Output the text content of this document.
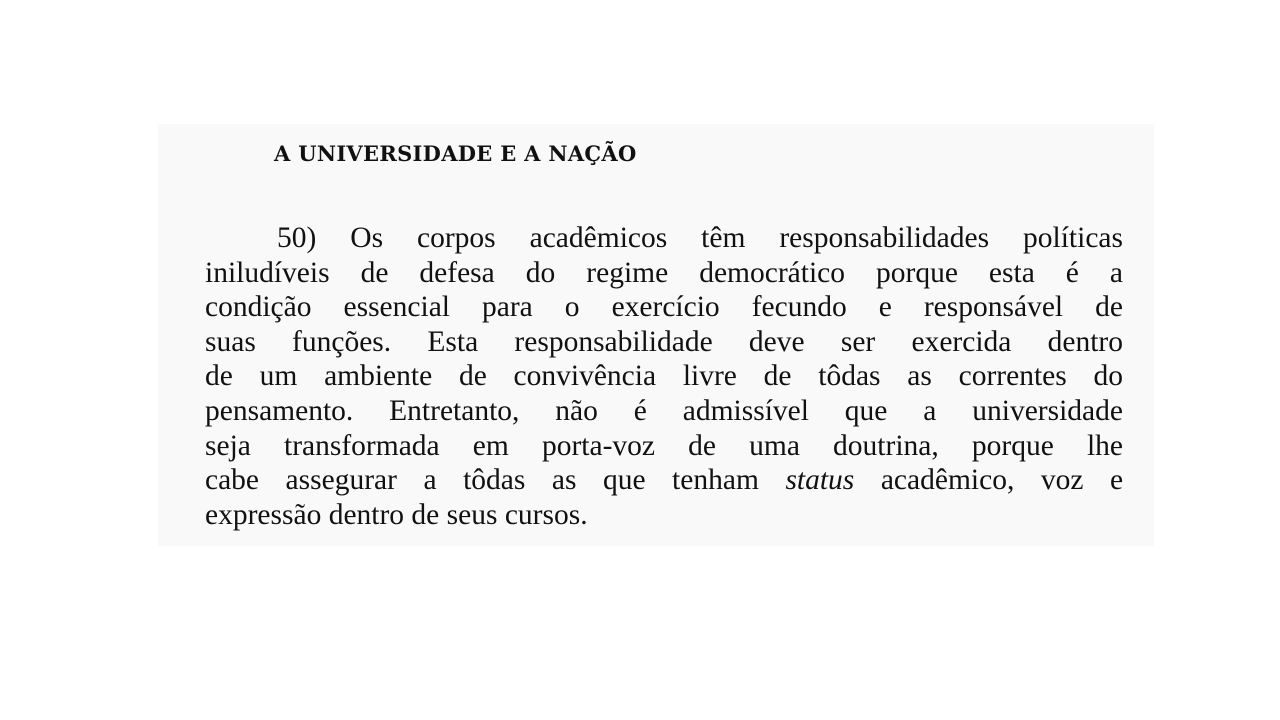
A UNIVERSIDADE E A NAÇÃO
50) Os corpos acadêmicos têm responsabilidades políticas
iniludíveis de defesa do regime democrático porque esta é a
condição essencial para o exercício fecundo e responsável de
suas funções. Esta responsabilidade deve ser exercida dentro
de um ambiente de convivência livre de tôdas as correntes do
pensamento. Entretanto, não é admissível que a universidade
seja transformada em porta-voz de uma doutrina, porque lhe
cabe assegurar a tôdas as que tenham status acadêmico, voz e
expressão dentro de seus cursos.
